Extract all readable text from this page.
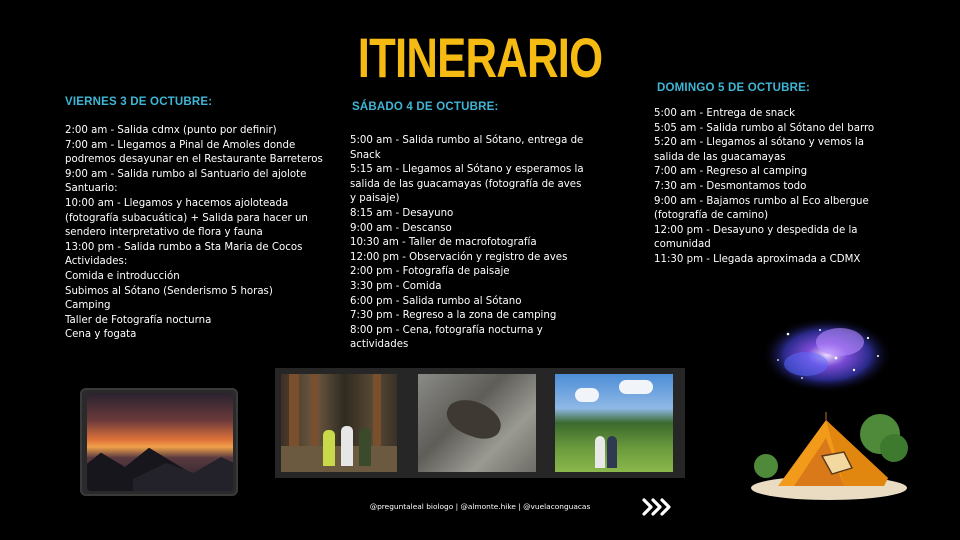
ITINERARIO
VIERNES 3 DE OCTUBRE:
2:00 am - Salida cdmx (punto por definir)
7:00 am - Llegamos a Pinal de Amoles donde podremos desayunar en el Restaurante Barreteros
9:00 am - Salida rumbo al Santuario del ajolote
Santuario:
10:00 am - Llegamos y hacemos ajoloteada (fotografía subacuática) + Salida para hacer un sendero interpretativo de flora y fauna
13:00 pm - Salida rumbo a Sta Maria de Cocos
Actividades:
Comida e introducción
Subimos al Sótano (Senderismo 5 horas)
Camping
Taller de Fotografía nocturna
Cena y fogata
SÁBADO 4 DE OCTUBRE:
5:00 am - Salida rumbo al Sótano, entrega de Snack
5:15 am - Llegamos al Sótano y esperamos la salida de las guacamayas (fotografía de aves y paisaje)
8:15 am - Desayuno
9:00 am - Descanso
10:30 am - Taller de macrofotografía
12:00 pm - Observación y registro de aves
2:00 pm - Fotografía de paisaje
3:30 pm - Comida
6:00 pm - Salida rumbo al Sótano
7:30 pm - Regreso a la zona de camping
8:00 pm - Cena, fotografía nocturna y actividades
DOMINGO 5 DE OCTUBRE:
5:00 am - Entrega de snack
5:05 am - Salida rumbo al Sótano del barro
5:20 am - Llegamos al sótano y vemos la salida de las guacamayas
7:00 am - Regreso al camping
7:30 am - Desmontamos todo
9:00 am - Bajamos rumbo al Eco albergue (fotografía de camino)
12:00 pm - Desayuno y despedida de la comunidad
11:30 pm - Llegada aproximada a CDMX
@preguntaleal biologo | @almonte.hike | @vuelaconguacas
